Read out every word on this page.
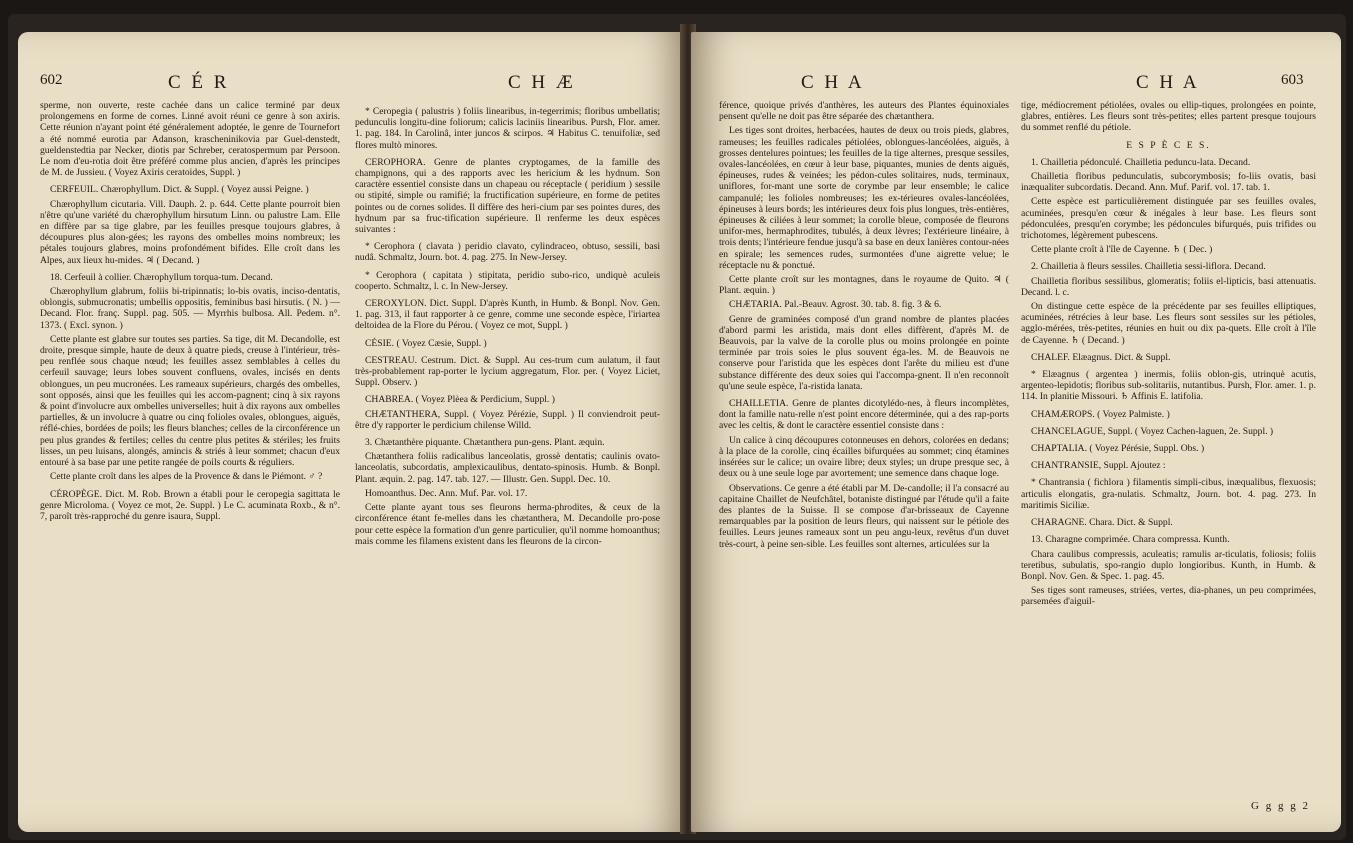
602	C É R	C H Æ

sperme, non ouverte, reste cachée dans un calice terminé par deux prolongemens en forme de cornes. Linné avoit réuni ce genre à son axiris. Cette réunion n'ayant point été généralement adoptée, le genre de Tournefort a été nommé eurotia par Adanson, krascheninikovia par Guel-denstedt, gueldenstedtia par Necker, diotis par Schreber, ceratospermum par Persoon. Le nom d'eu-rotia doit être préféré comme plus ancien, d'après les principes de M. de Jussieu. ( Voyez Axiris ceratoides, Suppl. )

CERFEUIL. Chærophyllum. Dict. & Suppl. ( Voyez aussi Peigne. )

Chærophyllum cicutaria. Vill. Dauph. 2. p. 644. Cette plante pourroit bien n'être qu'une variété du chærophyllum hirsutum Linn. ou palustre Lam. Elle en diffère par sa tige glabre, par les feuilles presque toujours glabres, à découpures plus alon-gées; les rayons des ombelles moins nombreux; les pétales toujours glabres, moins profondément bifides. Elle croît dans les Alpes, aux lieux hu-mides. ♃ ( Decand. )

18. Cerfeuil à collier. Chærophyllum torqua-tum. Decand.

Chærophyllum glabrum, foliis bi-tripinnatis; lo-bis ovatis, inciso-dentatis, oblongis, submucronatis; umbellis oppositis, feminibus basi hirsutis. ( N. ) — Decand. Flor. franç. Suppl. pag. 505. — Myrrhis bulbosa. All. Pedem. n°. 1373. ( Excl. synon. )

Cette plante est glabre sur toutes ses parties. Sa tige, dit M. Decandolle, est droite, presque simple, haute de deux à quatre pieds, creuse à l'intérieur, très-peu renflée sous chaque nœud; les feuilles assez semblables à celles du cerfeuil sauvage; leurs lobes souvent confluens, ovales, incisés en dents oblongues, un peu mucronées. Les rameaux supérieurs, chargés des ombelles, sont opposés, ainsi que les feuilles qui les accom-pagnent; cinq à six rayons & point d'involucre aux ombelles universelles; huit à dix rayons aux ombelles partielles, & un involucre à quatre ou cinq folioles ovales, oblongues, aiguës, réflé-chies, bordées de poils; les fleurs blanches; celles de la circonférence un peu plus grandes & fertiles; celles du centre plus petites & stériles; les fruits lisses, un peu luisans, alongés, amincis & striés à leur sommet; chacun d'eux entouré à sa base par une petite rangée de poils courts & réguliers.

Cette plante croît dans les alpes de la Provence & dans le Piémont. ♂ ?

CÉROPÈGE. Dict. M. Rob. Brown a établi pour le ceropegia sagittata le genre Microloma. ( Voyez ce mot, 2e. Suppl. ) Le C. acuminata Roxb., & n°. 7, paroît très-rapproché du genre isaura, Suppl.

* Ceropegia ( palustris ) foliis linearibus, in-tegerrimis; floribus umbellatis; pedunculis longitu-dine foliorum; calicis laciniis linearibus. Pursh, Flor. amer. 1. pag. 184. In Carolinâ, inter juncos & scirpos. ♃ Habitus C. tenuifoliæ, sed flores multò minores.

CEROPHORA. Genre de plantes cryptogames, de la famille des champignons, qui a des rapports avec les hericium & les hydnum. Son caractère essentiel consiste dans un chapeau ou réceptacle ( peridium ) sessile ou stipité, simple ou ramifié; la fructification supérieure, en forme de petites pointes ou de cornes solides. Il diffère des heri-cium par ses pointes dures, des hydnum par sa fruc-tification supérieure. Il renferme les deux espèces suivantes :

* Cerophora ( clavata ) peridio clavato, cylindraceo, obtuso, sessili, basi nudâ. Schmaltz, Journ. bot. 4. pag. 275. In New-Jersey.

* Cerophora ( capitata ) stipitata, peridio subo-rico, undiquè aculeis cooperto. Schmaltz, l. c. In New-Jersey.

CEROXYLON. Dict. Suppl. D'après Kunth, in Humb. & Bonpl. Nov. Gen. 1. pag. 313, il faut rapporter à ce genre, comme une seconde espèce, l'iriartea deltoidea de la Flore du Pérou. ( Voyez ce mot, Suppl. )

CÉSIE. ( Voyez Cæsie, Suppl. )

CESTREAU. Cestrum. Dict. & Suppl. Au ces-trum cum aulatum, il faut très-probablement rap-porter le lycium aggregatum, Flor. per. ( Voyez Liciet, Suppl. Observ. )

CHABREA. ( Voyez Plèea & Perdicium, Suppl. )

CHÆTANTHERA, Suppl. ( Voyez Pérézie, Suppl. ) Il conviendroit peut-être d'y rapporter le perdicium chilense Willd.

3. Chætanthère piquante. Chætanthera pun-gens. Plant. æquin.

Chætanthera foliis radicalibus lanceolatis, grossè dentatis; caulinis ovato-lanceolatis, subcordatis, amplexicaulibus, dentato-spinosis. Humb. & Bonpl. Plant. æquin. 2. pag. 147. tab. 127. — Illustr. Gen. Suppl. Dec. 10.

Homoanthus. Dec. Ann. Muf. Par. vol. 17.

Cette plante ayant tous ses fleurons herma-phrodites, & ceux de la circonférence étant fe-melles dans les chætanthera, M. Decandolle pro-pose pour cette espèce la formation d'un genre particulier, qu'il nomme homoanthus; mais comme les filamens existent dans les fleurons de la circon-

C H A	C H A	603

férence, quoique privés d'anthères, les auteurs des Plantes équinoxiales pensent qu'elle ne doit pas être séparée des chætanthera.

Les tiges sont droites, herbacées, hautes de deux ou trois pieds, glabres, rameuses; les feuilles radicales pétiolées, oblongues-lancéolées, aiguës, à grosses dentelures pointues; les feuilles de la tige alternes, presque sessiles, ovales-lancéolées, en cœur à leur base, piquantes, munies de dents aiguës, épineuses, rudes & veinées; les pédon-cules solitaires, nuds, terminaux, uniflores, for-mant une sorte de corymbe par leur ensemble; le calice campanulé; les folioles nombreuses; les ex-térieures ovales-lancéolées, épineuses à leurs bords; les intérieures deux fois plus longues, très-entières, épineuses & ciliées à leur sommet; la corolle bleue, composée de fleurons unifor-mes, hermaphrodites, tubulés, à deux lèvres; l'extérieure linéaire, à trois dents; l'intérieure fendue jusqu'à sa base en deux lanières contour-nées en spirale; les semences rudes, surmontées d'une aigrette velue; le réceptacle nu & ponctué.

Cette plante croît sur les montagnes, dans le royaume de Quito. ♃ ( Plant. æquin. )

CHÆTARIA. Pal.-Beauv. Agrost. 30. tab. 8. fig. 3 & 6.

Genre de graminées composé d'un grand nombre de plantes placées d'abord parmi les aristida, mais dont elles diffèrent, d'après M. de Beauvois, par la valve de la corolle plus ou moins prolongée en pointe terminée par trois soies le plus souvent éga-les. M. de Beauvois ne conserve pour l'aristida que les espèces dont l'arête du milieu est d'une substance différente des deux soies qui l'accompa-gnent. Il n'en reconnoît qu'une seule espèce, l'a-ristida lanata.

CHAILLETIA. Genre de plantes dicotylédo-nes, à fleurs incomplètes, dont la famille natu-relle n'est point encore déterminée, qui a des rap-ports avec les celtis, & dont le caractère essentiel consiste dans :

Un calice à cinq découpures cotonneuses en dehors, colorées en dedans; à la place de la corolle, cinq écailles bifurquées au sommet; cinq étamines insérées sur le calice; un ovaire libre; deux styles; un drupe presque sec, à deux ou à une seule loge par avortement; une semence dans chaque loge.

Observations. Ce genre a été établi par M. De-candolle; il l'a consacré au capitaine Chaillet de Neufchâtel, botaniste distingué par l'étude qu'il a faite des plantes de la Suisse. Il se compose d'ar-brisseaux de Cayenne remarquables par la position de leurs fleurs, qui naissent sur le pétiole des feuilles. Leurs jeunes rameaux sont un peu angu-leux, revêtus d'un duvet très-court, à peine sen-sible. Les feuilles sont alternes, articulées sur la

tige, médiocrement pétiolées, ovales ou ellip-tiques, prolongées en pointe, glabres, entières. Les fleurs sont très-petites; elles partent presque toujours du sommet renflé du pétiole.

E S P È C E S.

1. Chailletia pédonculé. Chailletia peduncu-lata. Decand.

Chailletia floribus pedunculatis, subcorymbosis; fo-liis ovatis, basi inæqualiter subcordatis. Decand. Ann. Muf. Parif. vol. 17. tab. 1.

Cette espèce est particulièrement distinguée par ses feuilles ovales, acuminées, presqu'en cœur & inégales à leur base. Les fleurs sont pédonculées, presqu'en corymbe; les pédoncules bifurqués, puis trifides ou trichotomes, légèrement pubescens.

Cette plante croît à l'île de Cayenne. ♄ ( Dec. )

2. Chailletia à fleurs sessiles. Chailletia sessi-liflora. Decand.

Chailletia floribus sessilibus, glomeratis; foliis el-lipticis, basi attenuatis. Decand. l. c.

On distingue cette espèce de la précédente par ses feuilles elliptiques, acuminées, rétrécies à leur base. Les fleurs sont sessiles sur les pétioles, agglo-mérées, très-petites, réunies en huit ou dix pa-quets. Elle croît à l'île de Cayenne. ♄ ( Decand. )

CHALEF. Elæagnus. Dict. & Suppl.

* Elæagnus ( argentea ) inermis, foliis oblon-gis, utrinquè acutis, argenteo-lepidotis; floribus sub-solitariis, nutantibus. Pursh, Flor. amer. 1. p. 114. In planitie Missouri. ♄ Affinis E. latifolia.

CHAMÆROPS. ( Voyez Palmiste. )

CHANCELAGUE, Suppl. ( Voyez Cachen-laguen, 2e. Suppl. )

CHAPTALIA. ( Voyez Pérésie, Suppl. Obs. )

CHANTRANSIE, Suppl. Ajoutez :

* Chantransia ( fichlora ) filamentis simpli-cibus, inæqualibus, flexuosis; articulis elongatis, gra-nulatis. Schmaltz, Journ. bot. 4. pag. 273. In maritimis Siciliæ.

CHARAGNE. Chara. Dict. & Suppl.

13. Charagne comprimée. Chara compressa. Kunth.

Chara caulibus compressis, aculeatis; ramulis ar-ticulatis, foliosis; foliis teretibus, subulatis, spo-rangio duplo longioribus. Kunth, in Humb. & Bonpl. Nov. Gen. & Spec. 1. pag. 45.

Ses tiges sont rameuses, striées, vertes, dia-phanes, un peu comprimées, parsemées d'aiguil-

G g g g 2
